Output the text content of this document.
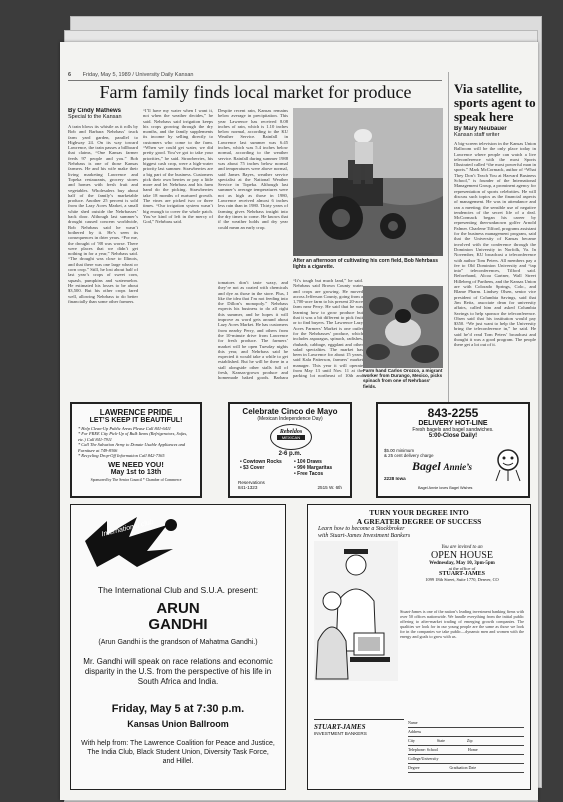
6 Friday, May 5, 1989 / University Daily Kansan
Farm family finds local market for produce
By Cindy Mathews
Special to the Kansan
A train blows its whistle as it rolls by Bob and Barbara Nehrbass’ truck farm yard garden, parallel to Highway 24. On its way toward Lawrence, the train passes a billboard that claims, “One Kansas farmer feeds 97 people and you.” Bob Nehrbass is one of those Kansas farmers. He and his wife make their living marketing Lawrence and Topeka restaurants, grocery stores and homes with fresh fruit and vegetables. Wholesalers buy about half of the family’s marketable produce. Another 25 percent is sold from the Lazy Acres Market, a small white shed outside the Nehrbasses’ back door. Although last summer’s drought caused concern worldwide, Bob Nehrbass said he wasn’t bothered by it. He’s seen its consequences in drier years. “For me, the drought of ’88 was worse. There were places that we didn’t get nothing in for a year,” Nehrbass said. “The drought was close to Illinois, and that there was one large wheat or corn crop.” Still, he lost about half of last year’s crops of sweet corn, squash, pumpkins and watermelon. He estimated his losses to be about $3,500. But his other crops fared well, allowing Nehrbass to do better financially than some other farmers.
“I’ll have my water when I want it, not when the weather decides,” he said. Nehrbass said irrigation keeps his crops growing through the dry months, and the family supplements its income by selling directly to customers who come to the farm. “When we could get water, we did pretty good. You’ve got to take your priorities,” he said. Strawberries, his biggest cash crop, were a high-water priority last summer. Strawberries are a big part of the business. Customers pick their own berries or pay a little more and let Nehrbass and his farm hand do the picking. Strawberries take 18 months of nurtured growth. The vines are picked two or three times. “Our irrigation system wasn’t big enough to cover the whole patch. You’ve kind of left in the mercy of God,” Nehrbass said.
Despite recent rain, Kansas remains below average in precipitation. This year Lawrence has received 8.08 inches of rain, which is 1.10 inches below normal, according to the KU Weather Service. Rainfall in Lawrence last summer was 6.45 inches, which was 5.4 inches below normal, according to the weather service. Rainfall during summer 1988 was about 75 inches below normal and temperatures were above normal, said James Bayes, weather service specialist at the National Weather Service in Topeka. Although last summer’s average temperatures were not as high as those in 1980, Lawrence received almost 6 inches less rain than in 1980. Thirty years of farming gives Nehrbass insight into the dry times to come. He knows that if the weather holds and dry year could mean an early crop.
“It’s tough but much land,” he said. Nehrbass said Brown County water and crops are growing. He moved across Jefferson County, going from a 1,700-acre farm to his present 20-acre farm near Perry. He said that he was learning how to grow produce but that it was a bit different to pick fruit or to find buyers. The Lawrence Lazy Acres Farmers’ Market is one outlet for the Nehrbasses’ produce, which includes asparagus, spinach, radishes, rhubarb, cabbage, eggplant and other salad specialties. The market has been in Lawrence for about 15 years, said Kala Patterson, farmers’ market manager. This year it will operate from May 13 until Nov. 11 at the parking lot northeast of 10th and
tomatoes don’t taste waxy, and they’re not as coated with chemicals and dye as those in the store. Plus, I like the idea that I’m not feeding into the Dillon’s monopoly.” Nehrbass expects his business to do all right this summer, and he hopes it will improve as word gets around about Lazy Acres Market. He has customers from nearby Perry, and others from the 10-minute drive from Lawrence for fresh produce. The farmers’ market will be open Tuesday nights this year, and Nehrbass said he expected it would take a while to get established. But he will be there in a stall alongside other stalls full of fresh, Kansas-grown produce and homemade baked goods. Barbara
After an afternoon of cultivating his corn field, Bob Nehrbass lights a cigarette.
Steve Sloane/Kansan
Farm hand Carlos Orozco, a migrant worker from Durango, Mexico, picks spinach from one of Nehrbass’ fields.
Via satellite, sports agent to speak here
By Mary Neubauer
Kansan staff writer
A big-screen television in the Kansas Union Ballroom will be the only place today in Lawrence where people can watch a live teleconference with the most Sports Illustrated called “the most powerful man in sports.” Mark McCormack, author of “What They Don’t Teach You at Harvard Business School,” is founder of the International Management Group, a prominent agency for representation of sports celebrities. He will discuss such topics as the financial aspects of management. He was in attendance and ran a meeting; the sensible use of negative tendencies of the secret life of a deal. McCormack began his career by representing then-unknown golfer Arnold Palmer. Charlene Tilford, programs assistant for the business management program, said that the University of Kansas became involved with the conference through the Dominion University in Norfolk, Va. In November, KU broadcast a teleconference with author Tom Peters. All members pay a fee to Old Dominion University and “tap into” teleconferences, Tilford said. Beforehand, Alcoa Gartner, Wall Street Hilleberg of Parthens, and the Kansas Union are with Colorado Springs, Colo., and Blame Pharm. Lindsey Olsen, senior vice president of Columbia Savings, said that Jim Reitz, associate dean for university affairs, called him and asked Columbia Savings to help sponsor the teleconference. Olsen said that his institution would pay $350. “We just want to help the University bring the teleconference in,” he said. He said he’d read Tom Peters’ broadcast and thought it was a good program. The people there get a lot out of it.
LAWRENCE PRIDE
LET’S KEEP IT BEAUTIFUL!
* Help Clean-Up Public Areas Please Call 841-6411
* For FREE City Pick-Up of Bulk Items (Refrigerators, Sofas, etc.) Call 841-7911
* Call The Salvation Army to Donate Usable Appliances and Furniture at 749-8306
* Recycling Drop-Off Information Call 842-7365
WE NEED YOU!
May 1st to 13th
Sponsored by The Senior Council * Chamber of Commerce
Celebrate Cinco de Mayo
(Mexican Independence Day)
Rebeldos
MEXICAN
2-6 p.m.
• Cowtown Rocks
• $3 Cover
• 10¢ Draws
• 99¢ Margaritas
• Free Tacos
Reservations
841-1323	2515 W. 6th
843-2255
DELIVERY HOT-LINE
Fresh bagels and bagel sandwiches.
5:00-Close Daily!
$5.00 minimum
& 25 cent delivery charge
Bagel Annie’s
2228 Iowa
Bagel Annie loves Bagel Wishes
International club
The International Club and S.U.A. present:
ARUN
GANDHI
(Arun Gandhi is the grandson of Mahatma Gandhi.)
Mr. Gandhi will speak on race relations and economic disparity in the U.S. from the perspective of his life in South Africa and India.
Friday, May 5 at 7:30 p.m.
Kansas Union Ballroom
With help from: The Lawrence Coalition for Peace and Justice, The India Club, Black Student Union, Diversity Task Force, and Hillel.
TURN YOUR DEGREE INTO
A GREATER DEGREE OF SUCCESS
Learn how to become a Stockbroker
with Stuart-James Investment Bankers
You are invited to an
OPEN HOUSE
Wednesday, May 10, 3pm-5pm
at the office of
STUART-JAMES
1099 18th Street, Suite 1770, Denver, CO
Stuart-James is one of the nation’s leading investment banking firms with over 50 offices nationwide. We handle everything from the initial public offering to after-market trading of emerging growth companies. The qualities we look for in our young people are the same as those we look for in the companies we take public—dynamic men and women with the energy and goals to grow with us.
STUART-JAMES
INVESTMENT BANKERS
Name
Address
City	State	Zip
Telephone: School	Home
College/University
Degree	Graduation Date
